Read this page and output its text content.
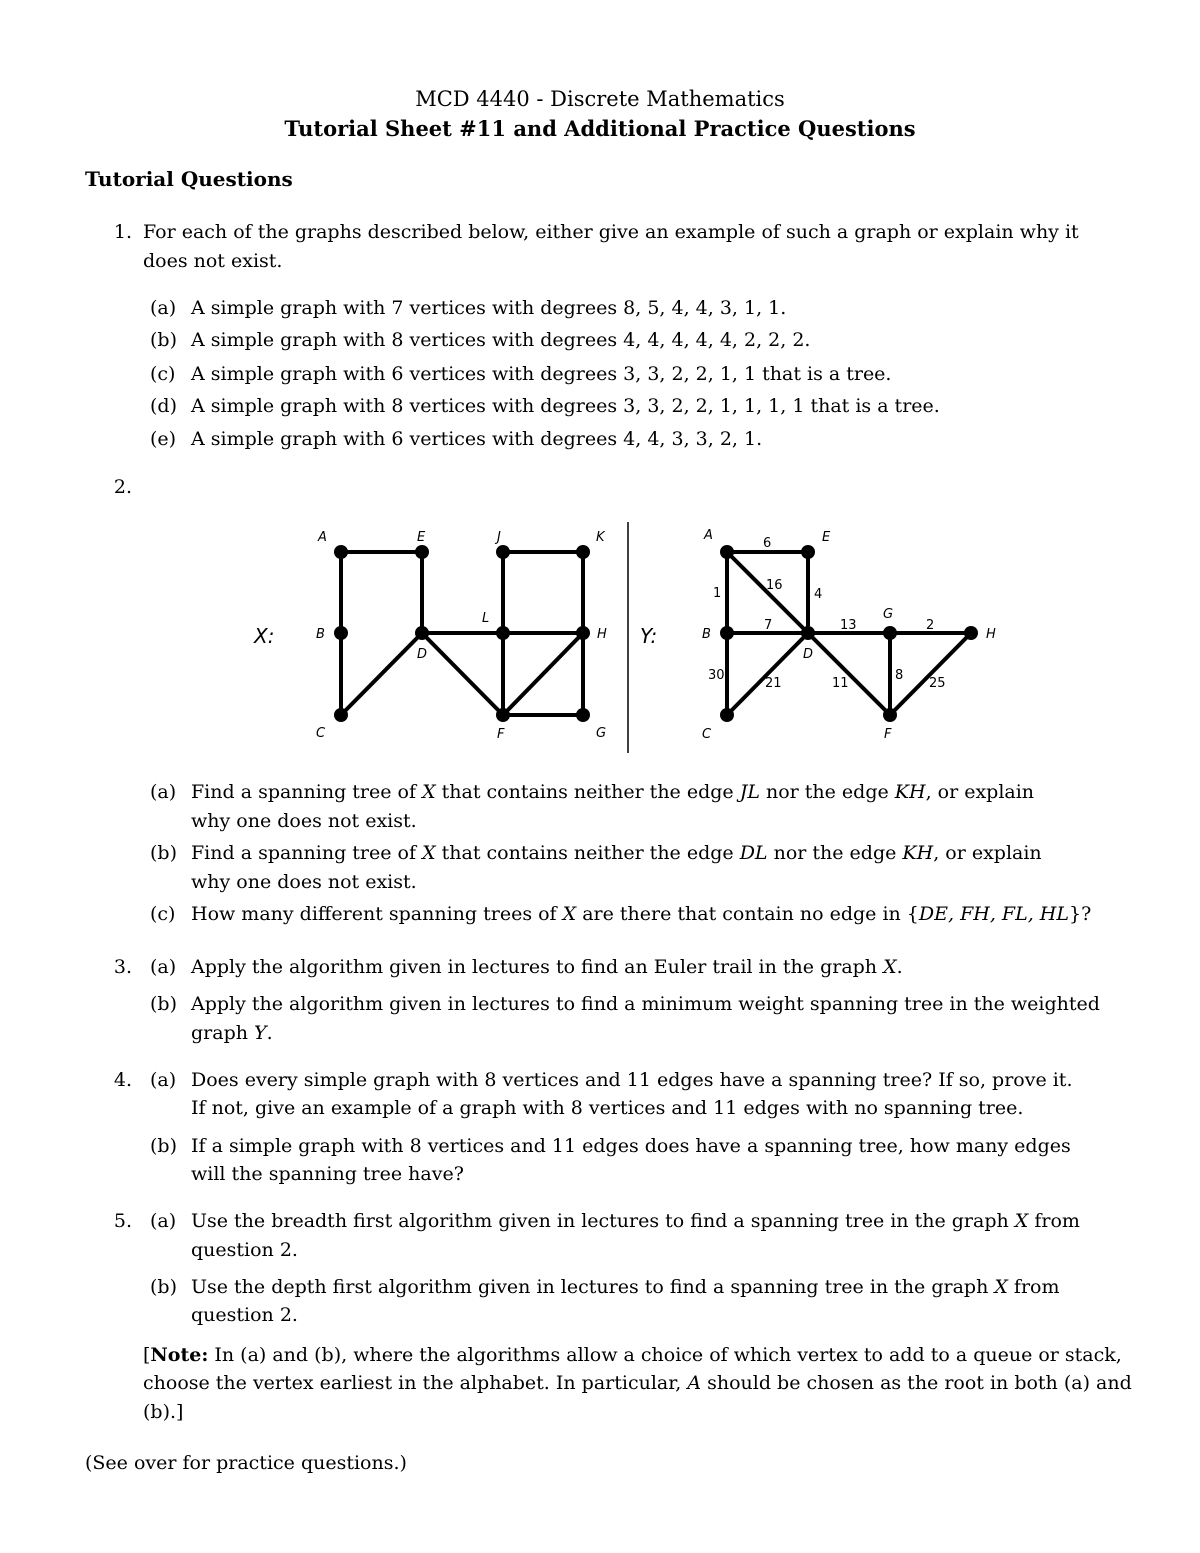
MCD 4440 - Discrete Mathematics
Tutorial Sheet #11 and Additional Practice Questions
Tutorial Questions
1. For each of the graphs described below, either give an example of such a graph or explain why it
does not exist.
(a) A simple graph with 7 vertices with degrees 8, 5, 4, 4, 3, 1, 1.
(b) A simple graph with 8 vertices with degrees 4, 4, 4, 4, 4, 2, 2, 2.
(c) A simple graph with 6 vertices with degrees 3, 3, 2, 2, 1, 1 that is a tree.
(d) A simple graph with 8 vertices with degrees 3, 3, 2, 2, 1, 1, 1, 1 that is a tree.
(e) A simple graph with 6 vertices with degrees 4, 4, 3, 3, 2, 1.
2.
A	E	J	K
B
D
L
H
C	F	G
X:	Y:
A	E
B
D
G
H
C	F
6
16
1	4
7	13	2
30
21	11
8
25
(a) Find a spanning tree of X that contains neither the edge JL nor the edge KH, or explain
why one does not exist.
(b) Find a spanning tree of X that contains neither the edge DL nor the edge KH, or explain
why one does not exist.
(c) How many different spanning trees of X are there that contain no edge in {DE, FH, FL, HL}?
3. (a) Apply the algorithm given in lectures to find an Euler trail in the graph X.
(b) Apply the algorithm given in lectures to find a minimum weight spanning tree in the weighted
graph Y.
4. (a) Does every simple graph with 8 vertices and 11 edges have a spanning tree? If so, prove it.
If not, give an example of a graph with 8 vertices and 11 edges with no spanning tree.
(b) If a simple graph with 8 vertices and 11 edges does have a spanning tree, how many edges
will the spanning tree have?
5. (a) Use the breadth first algorithm given in lectures to find a spanning tree in the graph X from
question 2.
(b) Use the depth first algorithm given in lectures to find a spanning tree in the graph X from
question 2.
[Note: In (a) and (b), where the algorithms allow a choice of which vertex to add to a queue or stack,
choose the vertex earliest in the alphabet. In particular, A should be chosen as the root in both (a) and
(b).]
(See over for practice questions.)
